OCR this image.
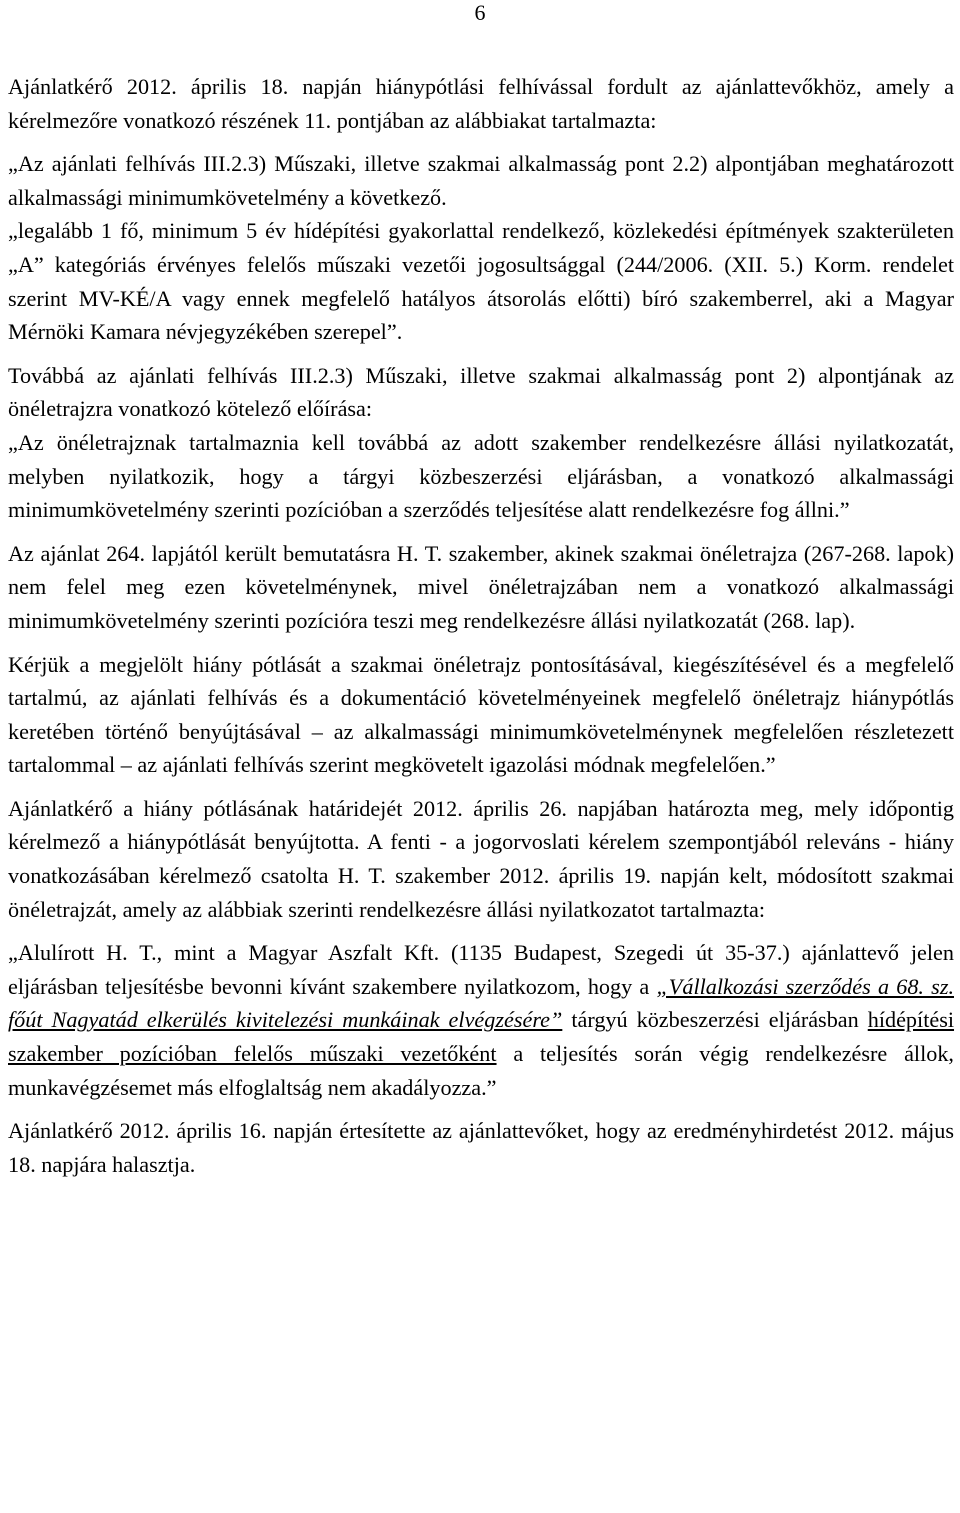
6

Ajánlatkérő 2012. április 18. napján hiánypótlási felhívással fordult az ajánlattevőkhöz, amely a kérelmezőre vonatkozó részének 11. pontjában az alábbiakat tartalmazta:

„Az ajánlati felhívás III.2.3) Műszaki, illetve szakmai alkalmasság pont 2.2) alpontjában meghatározott alkalmassági minimumkövetelmény a következő.

„legalább 1 fő, minimum 5 év hídépítési gyakorlattal rendelkező, közlekedési építmények szakterületen „A” kategóriás érvényes felelős műszaki vezetői jogosultsággal (244/2006. (XII. 5.) Korm. rendelet szerint MV-KÉ/A vagy ennek megfelelő hatályos átsorolás előtti) bíró szakemberrel, aki a Magyar Mérnöki Kamara névjegyzékében szerepel”.

Továbbá az ajánlati felhívás III.2.3) Műszaki, illetve szakmai alkalmasság pont 2) alpontjának az önéletrajzra vonatkozó kötelező előírása:

„Az önéletrajznak tartalmaznia kell továbbá az adott szakember rendelkezésre állási nyilatkozatát, melyben nyilatkozik, hogy a tárgyi közbeszerzési eljárásban, a vonatkozó alkalmassági minimumkövetelmény szerinti pozícióban a szerződés teljesítése alatt rendelkezésre fog állni.”

Az ajánlat 264. lapjától került bemutatásra H. T. szakember, akinek szakmai önéletrajza (267-268. lapok) nem felel meg ezen követelménynek, mivel önéletrajzában nem a vonatkozó alkalmassági minimumkövetelmény szerinti pozícióra teszi meg rendelkezésre állási nyilatkozatát (268. lap).

Kérjük a megjelölt hiány pótlását a szakmai önéletrajz pontosításával, kiegészítésével és a megfelelő tartalmú, az ajánlati felhívás és a dokumentáció követelményeinek megfelelő önéletrajz hiánypótlás keretében történő benyújtásával – az alkalmassági minimumkövetelménynek megfelelően részletezett tartalommal – az ajánlati felhívás szerint megkövetelt igazolási módnak megfelelően.”

Ajánlatkérő a hiány pótlásának határidejét 2012. április 26. napjában határozta meg, mely időpontig kérelmező a hiánypótlását benyújtotta. A fenti - a jogorvoslati kérelem szempontjából releváns - hiány vonatkozásában kérelmező csatolta H. T. szakember 2012. április 19. napján kelt, módosított szakmai önéletrajzát, amely az alábbiak szerinti rendelkezésre állási nyilatkozatot tartalmazta:

„Alulírott H. T., mint a Magyar Aszfalt Kft. (1135 Budapest, Szegedi út 35-37.) ajánlattevő jelen eljárásban teljesítésbe bevonni kívánt szakembere nyilatkozom, hogy a „Vállalkozási szerződés a 68. sz. főút Nagyatád elkerülés kivitelezési munkáinak elvégzésére” tárgyú közbeszerzési eljárásban hídépítési szakember pozícióban felelős műszaki vezetőként a teljesítés során végig rendelkezésre állok, munkavégzésemet más elfoglaltság nem akadályozza.”

Ajánlatkérő 2012. április 16. napján értesítette az ajánlattevőket, hogy az eredményhirdetést 2012. május 18. napjára halasztja.
